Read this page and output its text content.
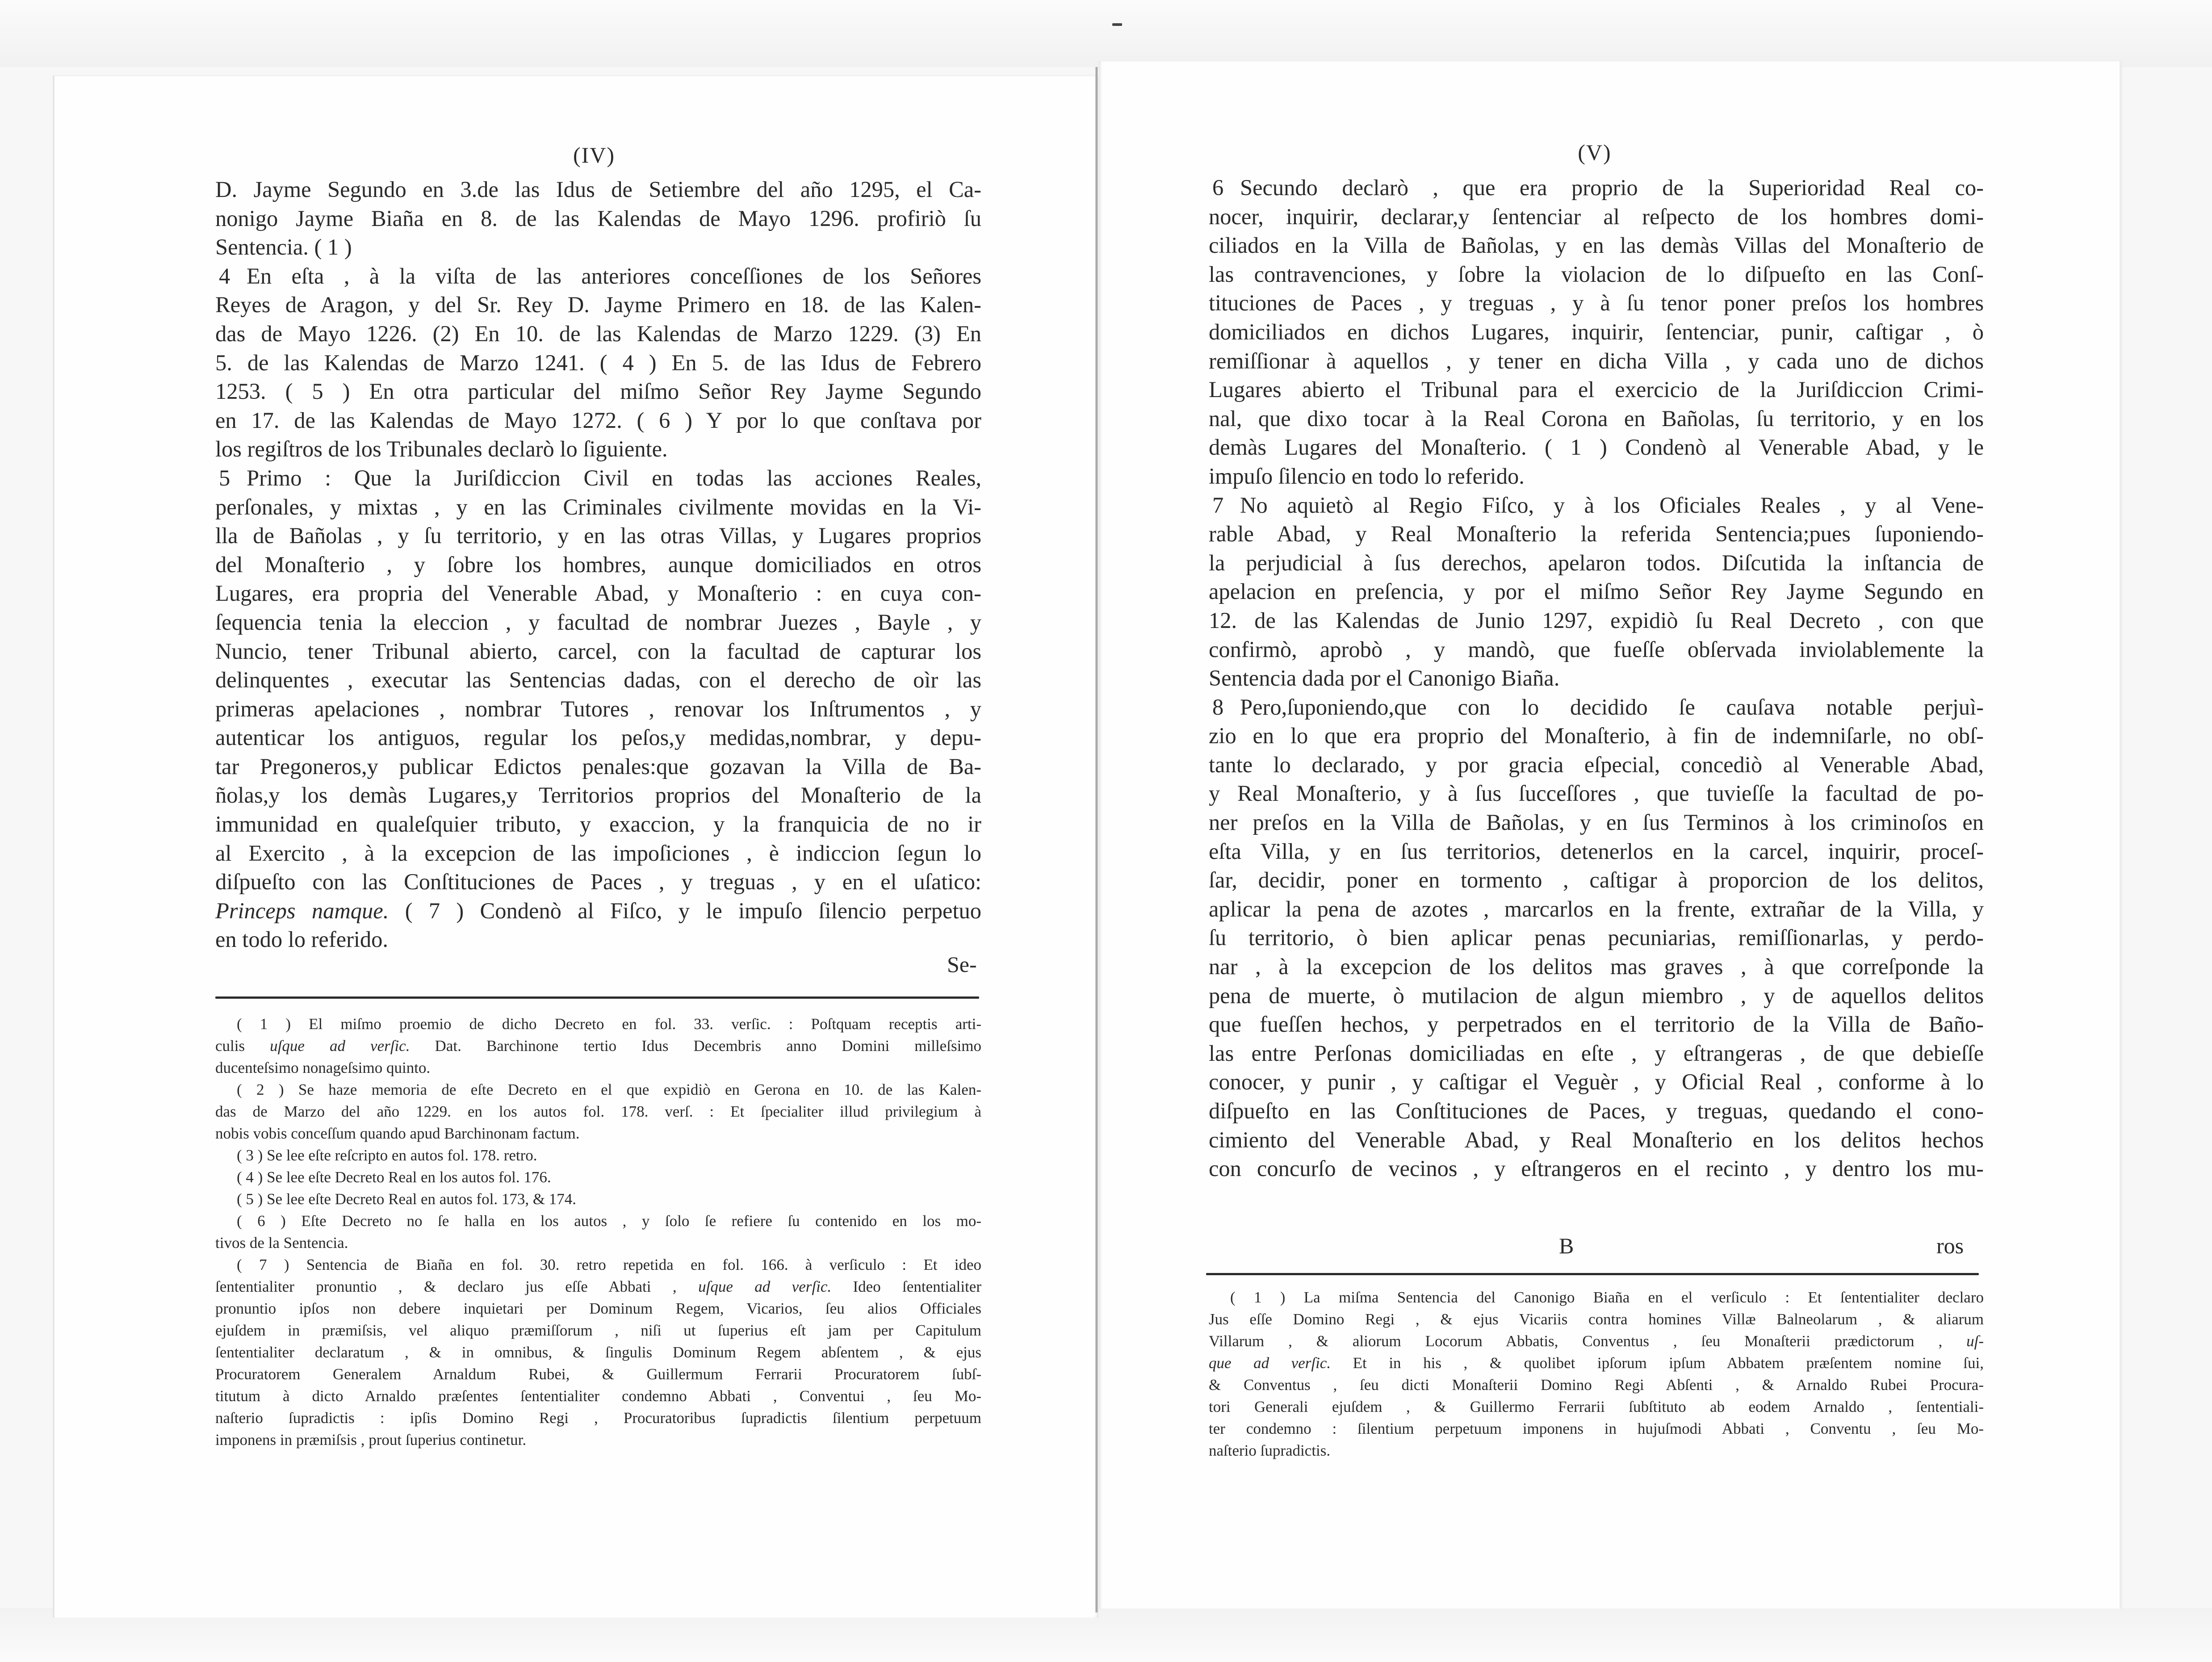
(IV)
D. Jayme Segundo en 3.de las Idus de Setiembre del año 1295, el Ca-
nonigo Jayme Biaña en 8. de las Kalendas de Mayo 1296. profiriò ſu
Sentencia. ( 1 )
4 En eſta , à la viſta de las anteriores conceſſiones de los Señores
Reyes de Aragon, y del Sr. Rey D. Jayme Primero en 18. de las Kalen-
das de Mayo 1226. (2) En 10. de las Kalendas de Marzo 1229. (3) En
5. de las Kalendas de Marzo 1241. ( 4 ) En 5. de las Idus de Febrero
1253. ( 5 ) En otra particular del miſmo Señor Rey Jayme Segundo
en 17. de las Kalendas de Mayo 1272. ( 6 ) Y por lo que conſtava por
los regiſtros de los Tribunales declarò lo ſiguiente.
5 Primo : Que la Juriſdiccion Civil en todas las acciones Reales,
perſonales, y mixtas , y en las Criminales civilmente movidas en la Vi-
lla de Bañolas , y ſu territorio, y en las otras Villas, y Lugares proprios
del Monaſterio , y ſobre los hombres, aunque domiciliados en otros
Lugares, era propria del Venerable Abad, y Monaſterio : en cuya con-
ſequencia tenia la eleccion , y facultad de nombrar Juezes , Bayle , y
Nuncio, tener Tribunal abierto, carcel, con la facultad de capturar los
delinquentes , executar las Sentencias dadas, con el derecho de oìr las
primeras apelaciones , nombrar Tutores , renovar los Inſtrumentos , y
autenticar los antiguos, regular los peſos,y medidas,nombrar, y depu-
tar Pregoneros,y publicar Edictos penales:que gozavan la Villa de Ba-
ñolas,y los demàs Lugares,y Territorios proprios del Monaſterio de la
immunidad en qualeſquier tributo, y exaccion, y la franquicia de no ir
al Exercito , à la excepcion de las impoſiciones , è indiccion ſegun lo
diſpueſto con las Conſtituciones de Paces , y treguas , y en el uſatico:
Princeps namque. ( 7 ) Condenò al Fiſco, y le impuſo ſilencio perpetuo
en todo lo referido.
Se-
( 1 ) El miſmo proemio de dicho Decreto en fol. 33. verſic. : Poſtquam receptis arti-
culis uſque ad verſic. Dat. Barchinone tertio Idus Decembris anno Domini milleſsimo
ducenteſsimo nonageſsimo quinto.
( 2 ) Se haze memoria de eſte Decreto en el que expidiò en Gerona en 10. de las Kalen-
das de Marzo del año 1229. en los autos fol. 178. verſ. : Et ſpecialiter illud privilegium à
nobis vobis conceſſum quando apud Barchinonam factum.
( 3 ) Se lee eſte reſcripto en autos fol. 178. retro.
( 4 ) Se lee eſte Decreto Real en los autos fol. 176.
( 5 ) Se lee eſte Decreto Real en autos fol. 173, & 174.
( 6 ) Eſte Decreto no ſe halla en los autos , y ſolo ſe refiere ſu contenido en los mo-
tivos de la Sentencia.
( 7 ) Sentencia de Biaña en fol. 30. retro repetida en fol. 166. à verſiculo : Et ideo
ſententialiter pronuntio , & declaro jus eſſe Abbati , uſque ad verſic. Ideo ſententialiter
pronuntio ipſos non debere inquietari per Dominum Regem, Vicarios, ſeu alios Officiales
ejuſdem in præmiſsis, vel aliquo præmiſſorum , niſi ut ſuperius eſt jam per Capitulum
ſententialiter declaratum , & in omnibus, & ſingulis Dominum Regem abſentem , & ejus
Procuratorem Generalem Arnaldum Rubei, & Guillermum Ferrarii Procuratorem ſubſ-
titutum à dicto Arnaldo præſentes ſententialiter condemno Abbati , Conventui , ſeu Mo-
naſterio ſupradictis : ipſis Domino Regi , Procuratoribus ſupradictis ſilentium perpetuum
imponens in præmiſsis , prout ſuperius continetur.
(V)
6 Secundo declarò , que era proprio de la Superioridad Real co-
nocer, inquirir, declarar,y ſentenciar al reſpecto de los hombres domi-
ciliados en la Villa de Bañolas, y en las demàs Villas del Monaſterio de
las contravenciones, y ſobre la violacion de lo diſpueſto en las Conſ-
tituciones de Paces , y treguas , y à ſu tenor poner preſos los hombres
domiciliados en dichos Lugares, inquirir, ſentenciar, punir, caſtigar , ò
remiſſionar à aquellos , y tener en dicha Villa , y cada uno de dichos
Lugares abierto el Tribunal para el exercicio de la Juriſdiccion Crimi-
nal, que dixo tocar à la Real Corona en Bañolas, ſu territorio, y en los
demàs Lugares del Monaſterio. ( 1 ) Condenò al Venerable Abad, y le
impuſo ſilencio en todo lo referido.
7 No aquietò al Regio Fiſco, y à los Oficiales Reales , y al Vene-
rable Abad, y Real Monaſterio la referida Sentencia;pues ſuponiendo-
la perjudicial à ſus derechos, apelaron todos. Diſcutida la inſtancia de
apelacion en preſencia, y por el miſmo Señor Rey Jayme Segundo en
12. de las Kalendas de Junio 1297, expidiò ſu Real Decreto , con que
confirmò, aprobò , y mandò, que fueſſe obſervada inviolablemente la
Sentencia dada por el Canonigo Biaña.
8 Pero,ſuponiendo,que con lo decidido ſe cauſava notable perjuì-
zio en lo que era proprio del Monaſterio, à fin de indemniſarle, no obſ-
tante lo declarado, y por gracia eſpecial, concediò al Venerable Abad,
y Real Monaſterio, y à ſus ſucceſſores , que tuvieſſe la facultad de po-
ner preſos en la Villa de Bañolas, y en ſus Terminos à los criminoſos en
eſta Villa, y en ſus territorios, detenerlos en la carcel, inquirir, proceſ-
ſar, decidir, poner en tormento , caſtigar à proporcion de los delitos,
aplicar la pena de azotes , marcarlos en la frente, extrañar de la Villa, y
ſu territorio, ò bien aplicar penas pecuniarias, remiſſionarlas, y perdo-
nar , à la excepcion de los delitos mas graves , à que correſponde la
pena de muerte, ò mutilacion de algun miembro , y de aquellos delitos
que fueſſen hechos, y perpetrados en el territorio de la Villa de Baño-
las entre Perſonas domiciliadas en eſte , y eſtrangeras , de que debieſſe
conocer, y punir , y caſtigar el Veguèr , y Oficial Real , conforme à lo
diſpueſto en las Conſtituciones de Paces, y treguas, quedando el cono-
cimiento del Venerable Abad, y Real Monaſterio en los delitos hechos
con concurſo de vecinos , y eſtrangeros en el recinto , y dentro los mu-
B	ros
( 1 ) La miſma Sentencia del Canonigo Biaña en el verſiculo : Et ſententialiter declaro
Jus eſſe Domino Regi , & ejus Vicariis contra homines Villæ Balneolarum , & aliarum
Villarum , & aliorum Locorum Abbatis, Conventus , ſeu Monaſterii prædictorum , uſ-
que ad verſic. Et in his , & quolibet ipſorum ipſum Abbatem præſentem nomine ſui,
& Conventus , ſeu dicti Monaſterii Domino Regi Abſenti , & Arnaldo Rubei Procura-
tori Generali ejuſdem , & Guillermo Ferrarii ſubſtituto ab eodem Arnaldo , ſententiali-
ter condemno : ſilentium perpetuum imponens in hujuſmodi Abbati , Conventu , ſeu Mo-
naſterio ſupradictis.
